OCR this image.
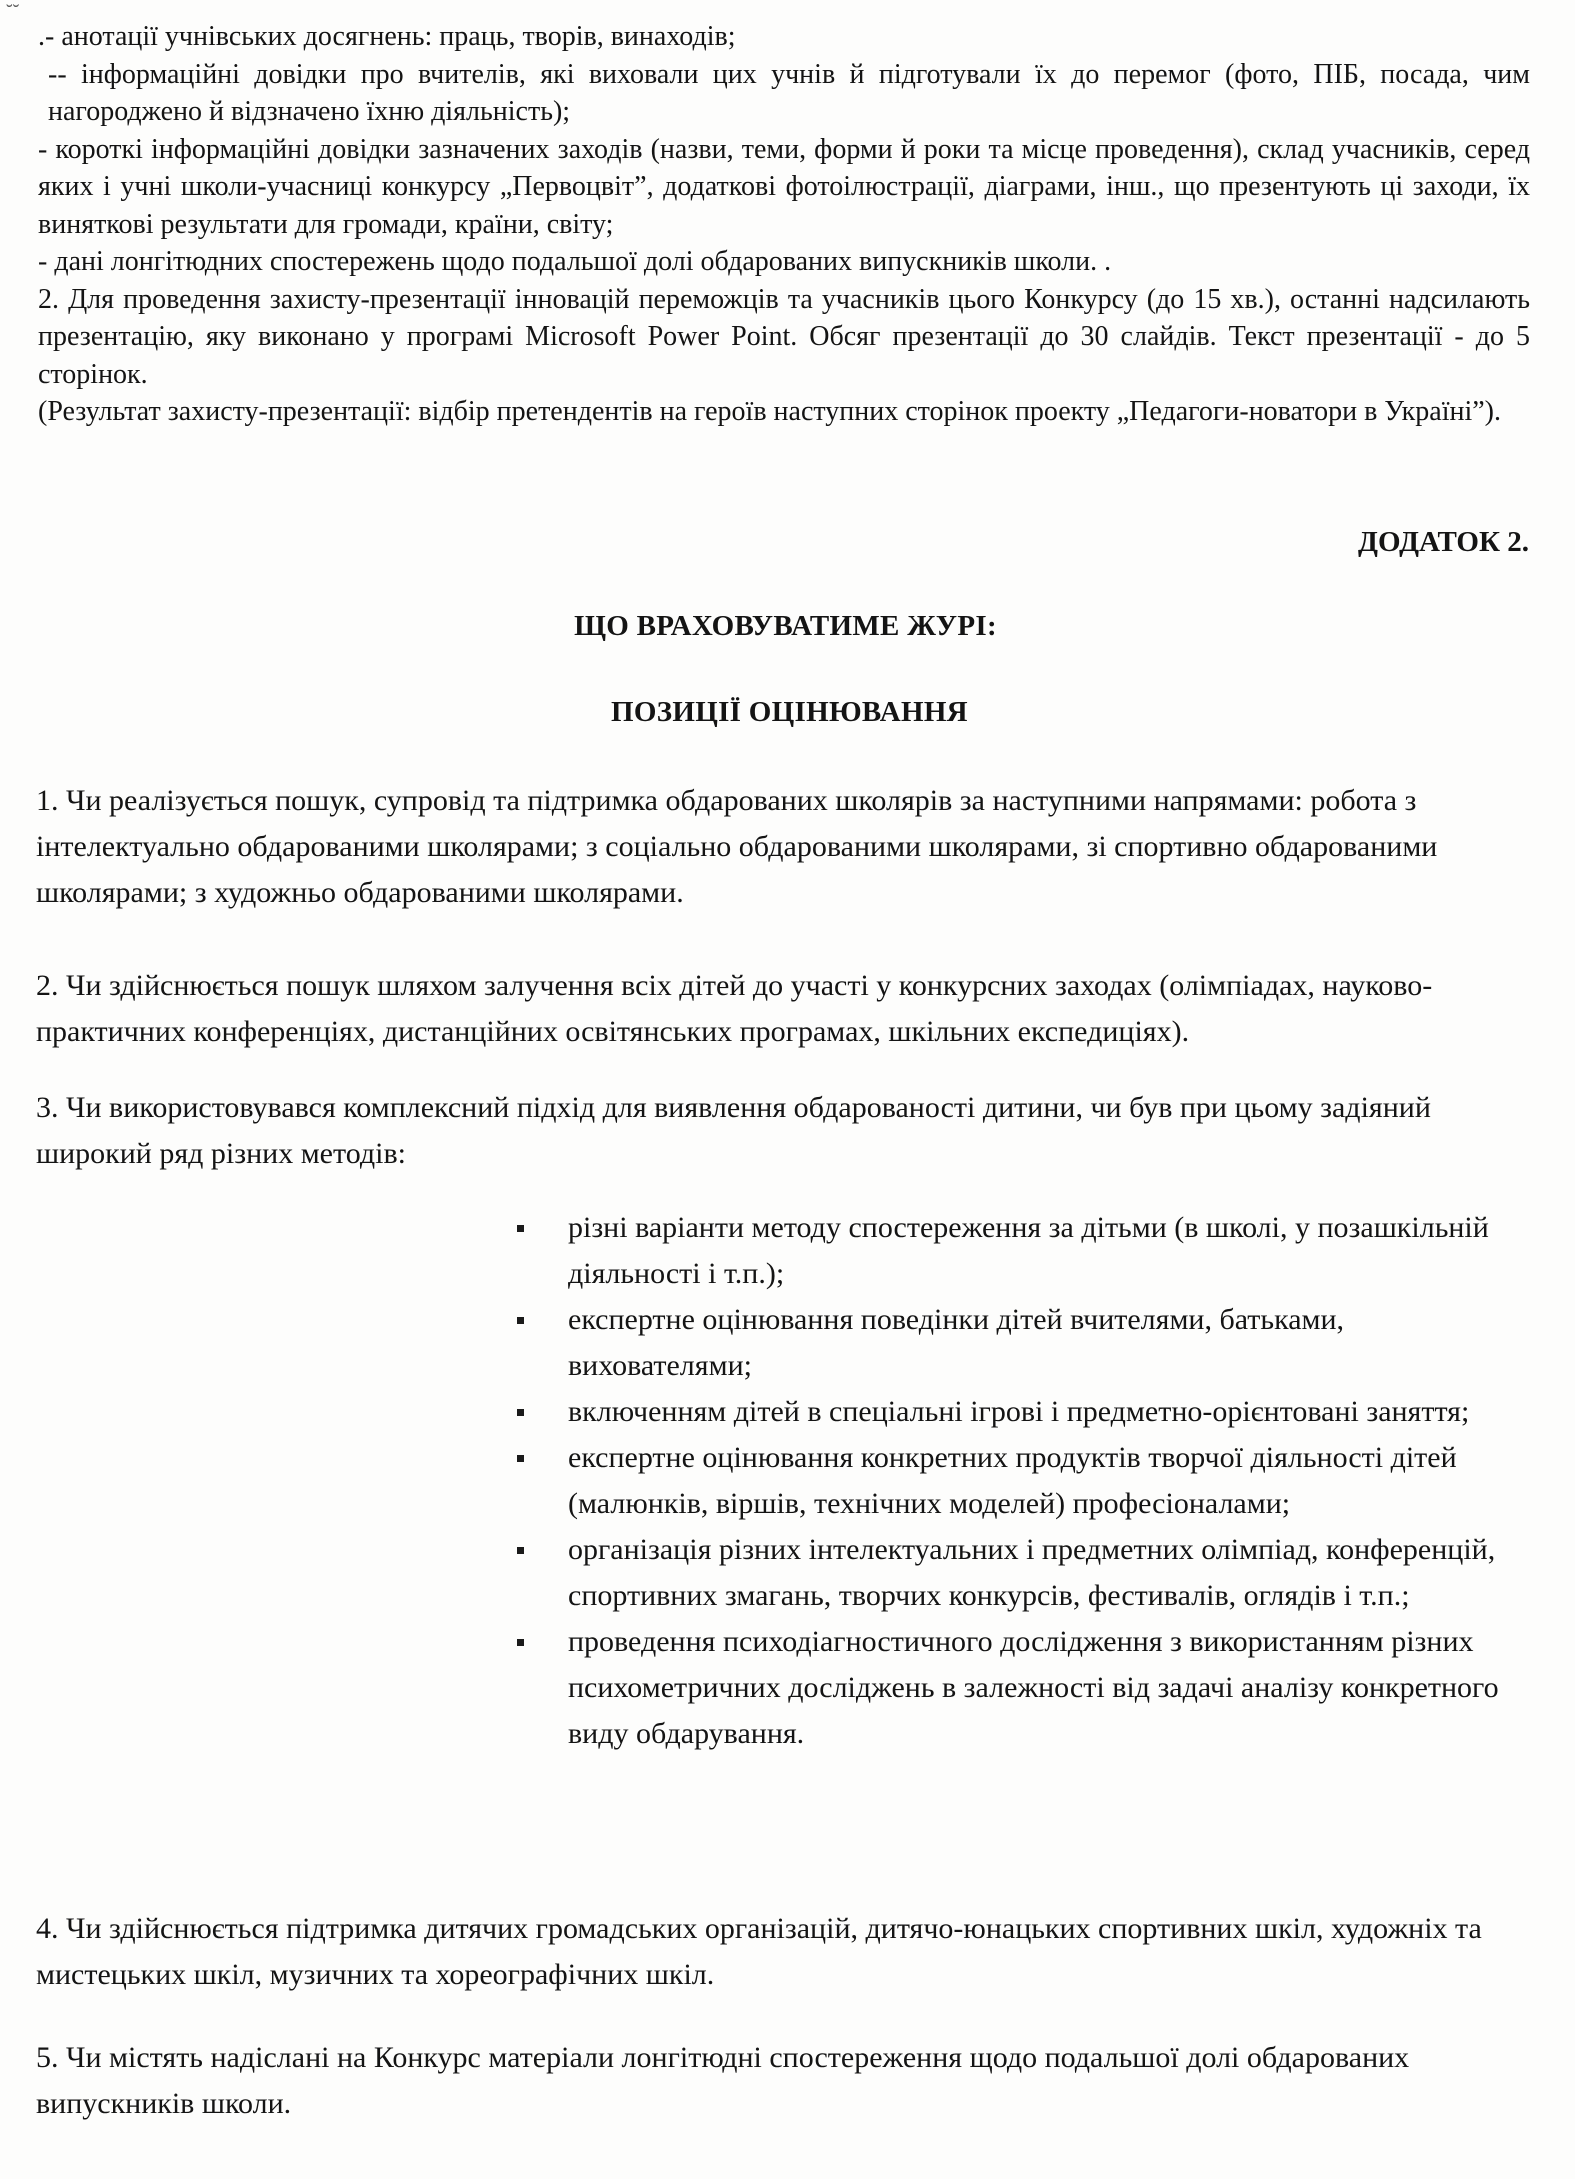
˘˘

.- анотації учнівських досягнень: праць, творів, винаходів;

-- інформаційні довідки про вчителів, які виховали цих учнів й підготували їх до перемог (фото, ПІБ, посада, чим нагороджено й відзначено їхню діяльність);

- короткі інформаційні довідки зазначених заходів (назви, теми, форми й роки та місце проведення), склад учасників, серед яких і учні школи-учасниці конкурсу „Первоцвіт”, додаткові фотоілюстрації, діаграми, інш., що презентують ці заходи, їх виняткові результати для громади, країни, світу;

- дані лонгітюдних спостережень щодо подальшої долі обдарованих випускників школи. .

2. Для проведення захисту-презентації інновацій переможців та учасників цього Конкурсу (до 15 хв.), останні надсилають презентацію, яку виконано у програмі Microsoft Power Point. Обсяг презентації до 30 слайдів. Текст презентації - до 5 сторінок.

(Результат захисту-презентації: відбір претендентів на героїв наступних сторінок проекту „Педагоги-новатори в Україні”).

ДОДАТОК 2.
ЩО ВРАХОВУВАТИМЕ ЖУРІ:
ПОЗИЦІЇ ОЦІНЮВАННЯ

1. Чи реалізується пошук, супровід та підтримка обдарованих школярів за наступними напрямами: робота з інтелектуально обдарованими школярами; з соціально обдарованими школярами, зі спортивно обдарованими школярами; з художньо обдарованими школярами.

2. Чи здійснюється пошук шляхом залучення всіх дітей до участі у конкурсних заходах (олімпіадах, науково-практичних конференціях, дистанційних освітянських програмах, шкільних експедиціях).

3. Чи використовувався комплексний підхід для виявлення обдарованості дитини, чи був при цьому задіяний широкий ряд різних методів:

різні варіанти методу спостереження за дітьми (в школі, у позашкільній діяльності і т.п.);
експертне оцінювання поведінки дітей вчителями, батьками, вихователями;
включенням дітей в спеціальні ігрові і предметно-орієнтовані заняття;
експертне оцінювання конкретних продуктів творчої діяльності дітей (малюнків, віршів, технічних моделей) професіоналами;
організація різних інтелектуальних і предметних олімпіад, конференцій, спортивних змагань, творчих конкурсів, фестивалів, оглядів і т.п.;
проведення психодіагностичного дослідження з використанням різних психометричних досліджень в залежності від задачі аналізу конкретного виду обдарування.

4. Чи здійснюється підтримка дитячих громадських організацій, дитячо-юнацьких спортивних шкіл, художніх та мистецьких шкіл, музичних та хореографічних шкіл.

5. Чи містять надіслані на Конкурс матеріали лонгітюдні спостереження щодо подальшої долі обдарованих випускників школи.
